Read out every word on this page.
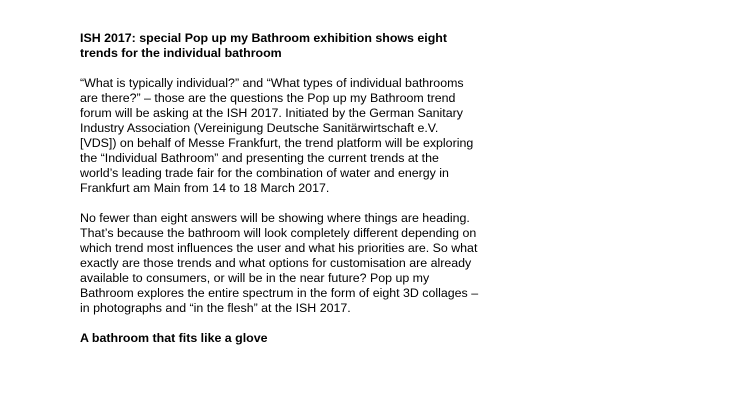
ISH 2017: special Pop up my Bathroom exhibition shows eight
trends for the individual bathroom

“What is typically individual?” and “What types of individual bathrooms
are there?” – those are the questions the Pop up my Bathroom trend
forum will be asking at the ISH 2017. Initiated by the German Sanitary
Industry Association (Vereinigung Deutsche Sanitärwirtschaft e.V.
[VDS]) on behalf of Messe Frankfurt, the trend platform will be exploring
the “Individual Bathroom” and presenting the current trends at the
world’s leading trade fair for the combination of water and energy in
Frankfurt am Main from 14 to 18 March 2017.

No fewer than eight answers will be showing where things are heading.
That’s because the bathroom will look completely different depending on
which trend most influences the user and what his priorities are. So what
exactly are those trends and what options for customisation are already
available to consumers, or will be in the near future? Pop up my
Bathroom explores the entire spectrum in the form of eight 3D collages –
in photographs and “in the flesh” at the ISH 2017.

A bathroom that fits like a glove
